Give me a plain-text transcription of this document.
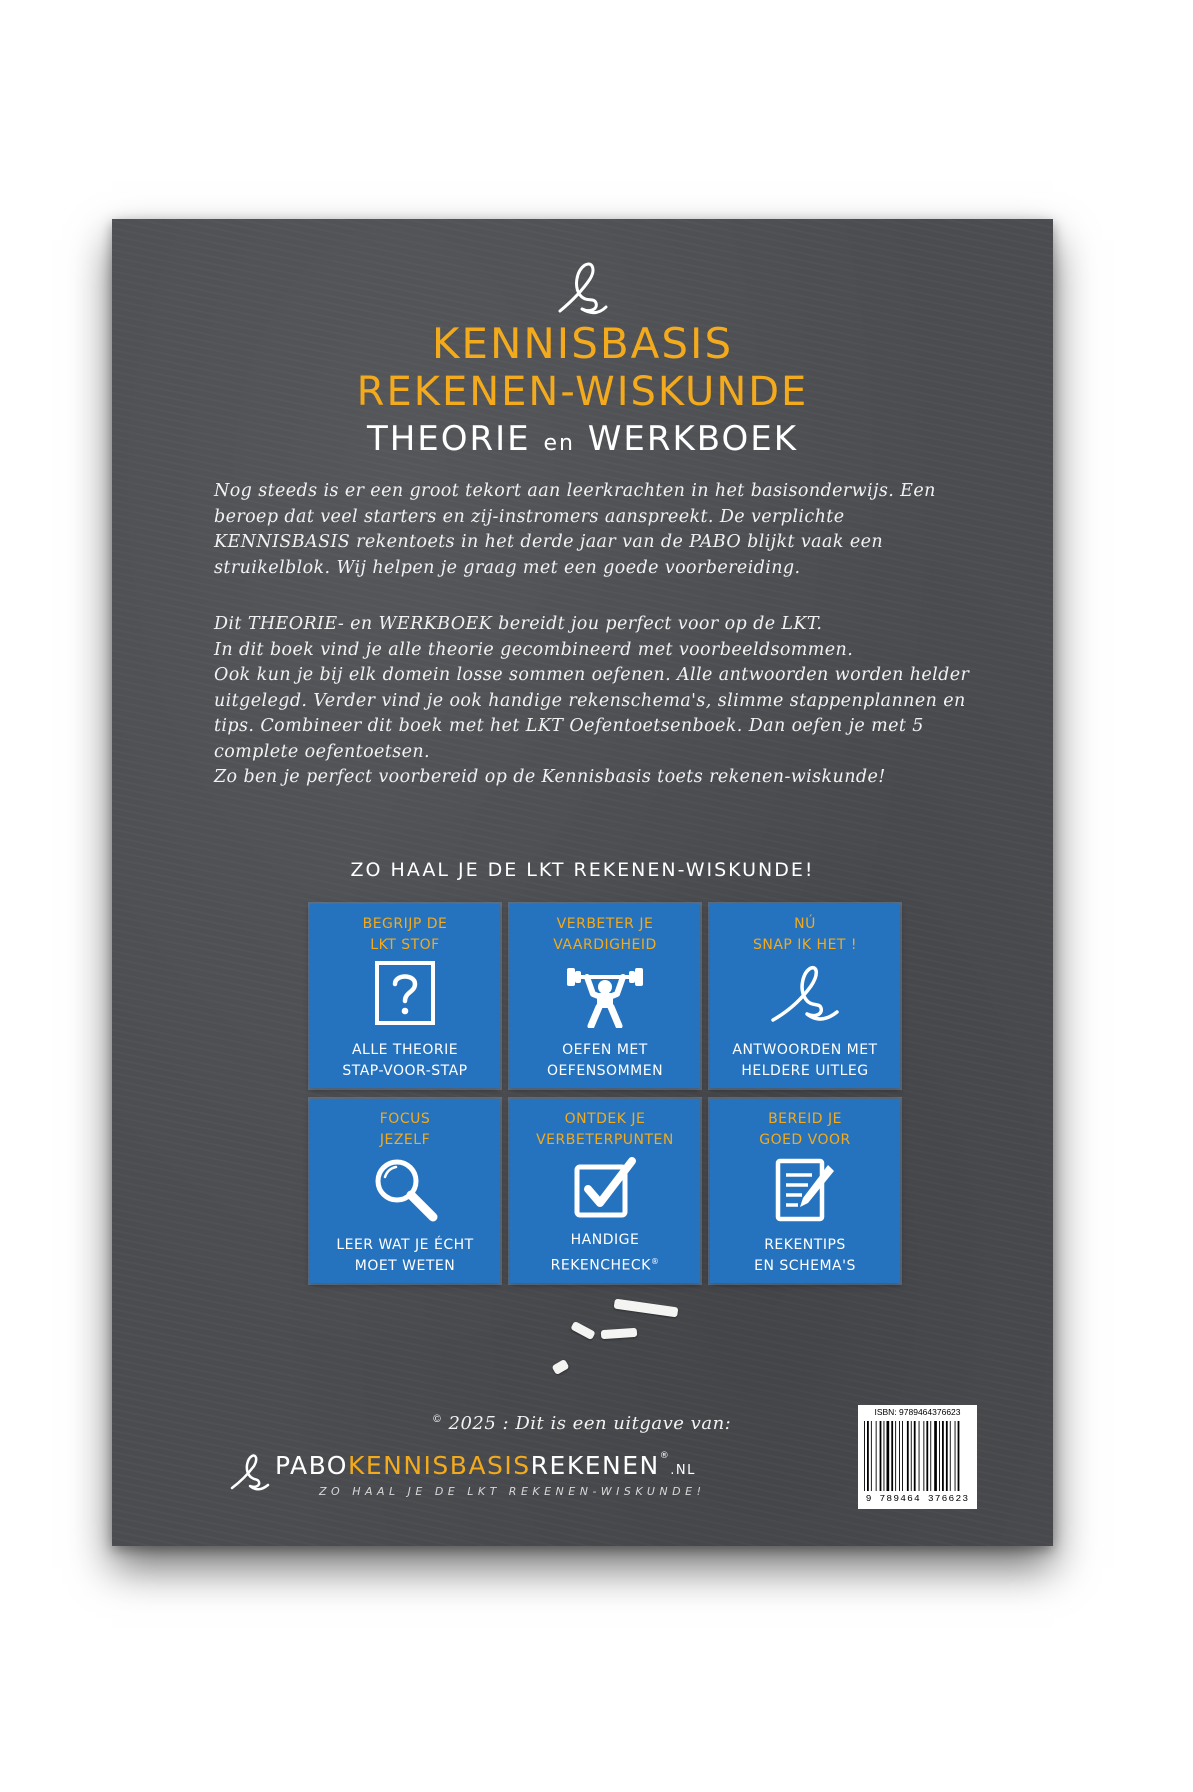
KENNISBASIS
REKENEN-WISKUNDE
THEORIE en WERKBOEK
Nog steeds is er een groot tekort aan leerkrachten in het basisonderwijs. Een
beroep dat veel starters en zij-instromers aanspreekt. De verplichte
KENNISBASIS rekentoets in het derde jaar van de PABO blijkt vaak een
struikelblok. Wij helpen je graag met een goede voorbereiding.
Dit THEORIE- en WERKBOEK bereidt jou perfect voor op de LKT.
In dit boek vind je alle theorie gecombineerd met voorbeeldsommen.
Ook kun je bij elk domein losse sommen oefenen. Alle antwoorden worden helder
uitgelegd. Verder vind je ook handige rekenschema's, slimme stappenplannen en
tips. Combineer dit boek met het LKT Oefentoetsenboek. Dan oefen je met 5
complete oefentoetsen.
Zo ben je perfect voorbereid op de Kennisbasis toets rekenen-wiskunde!
ZO HAAL JE DE LKT REKENEN-WISKUNDE!
BEGRIJP DE
LKT STOF
ALLE THEORIE
STAP-VOOR-STAP
VERBETER JE
VAARDIGHEID
OEFEN MET
OEFENSOMMEN
NÚ
SNAP IK HET !
ANTWOORDEN MET
HELDERE UITLEG
FOCUS
JEZELF
LEER WAT JE ÉCHT
MOET WETEN
ONTDEK JE
VERBETERPUNTEN
HANDIGE
REKENCHECK®
BEREID JE
GOED VOOR
REKENTIPS
EN SCHEMA'S
© 2025 : Dit is een uitgave van:
PABOKENNISBASISREKENEN®.NL
ZO HAAL JE DE LKT REKENEN-WISKUNDE!
ISBN: 9789464376623
9 789464 376623
